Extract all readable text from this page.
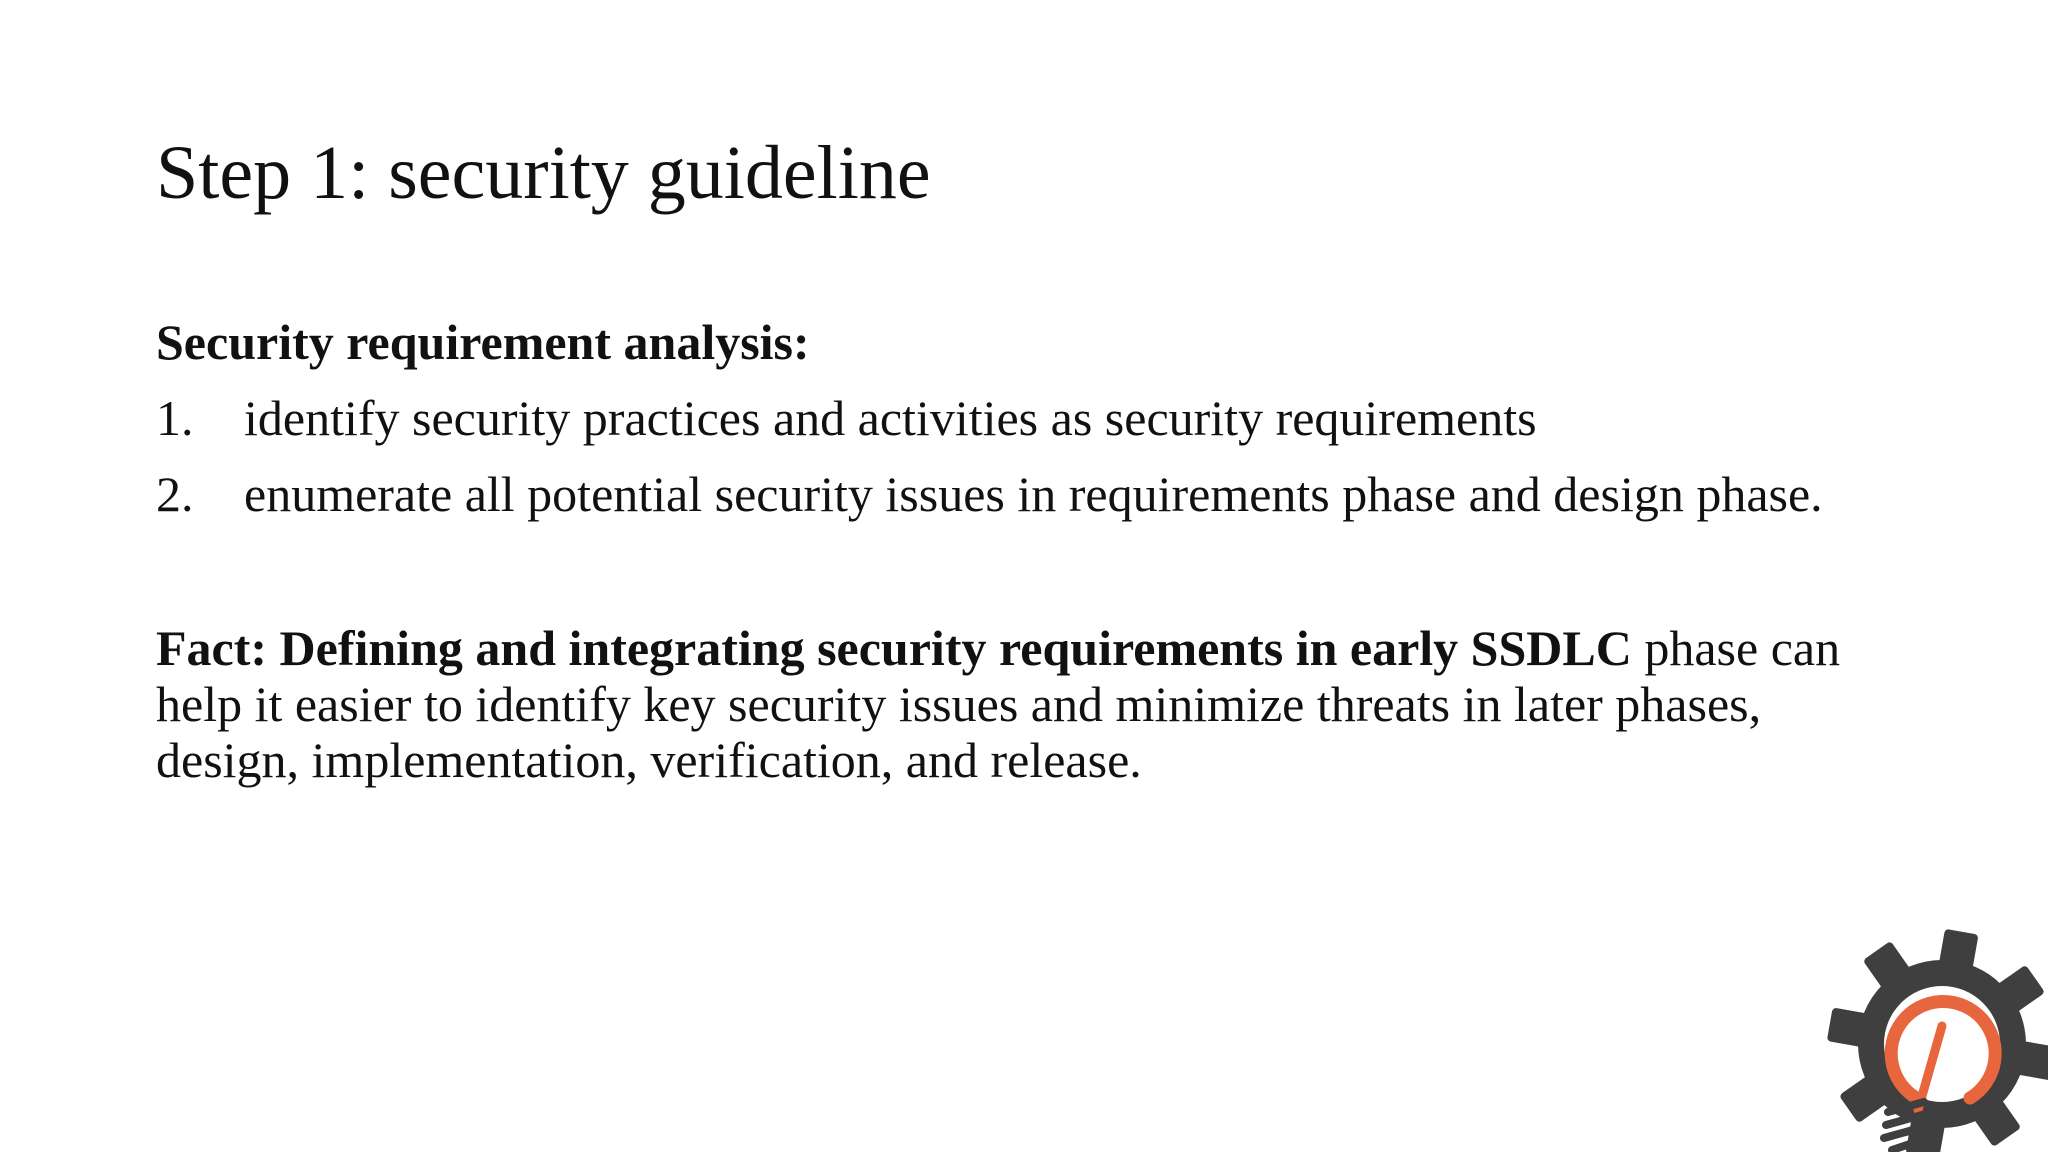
Step 1: security guideline
Security requirement analysis:
1. identify security practices and activities as security requirements
2. enumerate all potential security issues in requirements phase and design phase.

Fact: Defining and integrating security requirements in early SSDLC phase can help it easier to identify key security issues and minimize threats in later phases, design, implementation, verification, and release.
